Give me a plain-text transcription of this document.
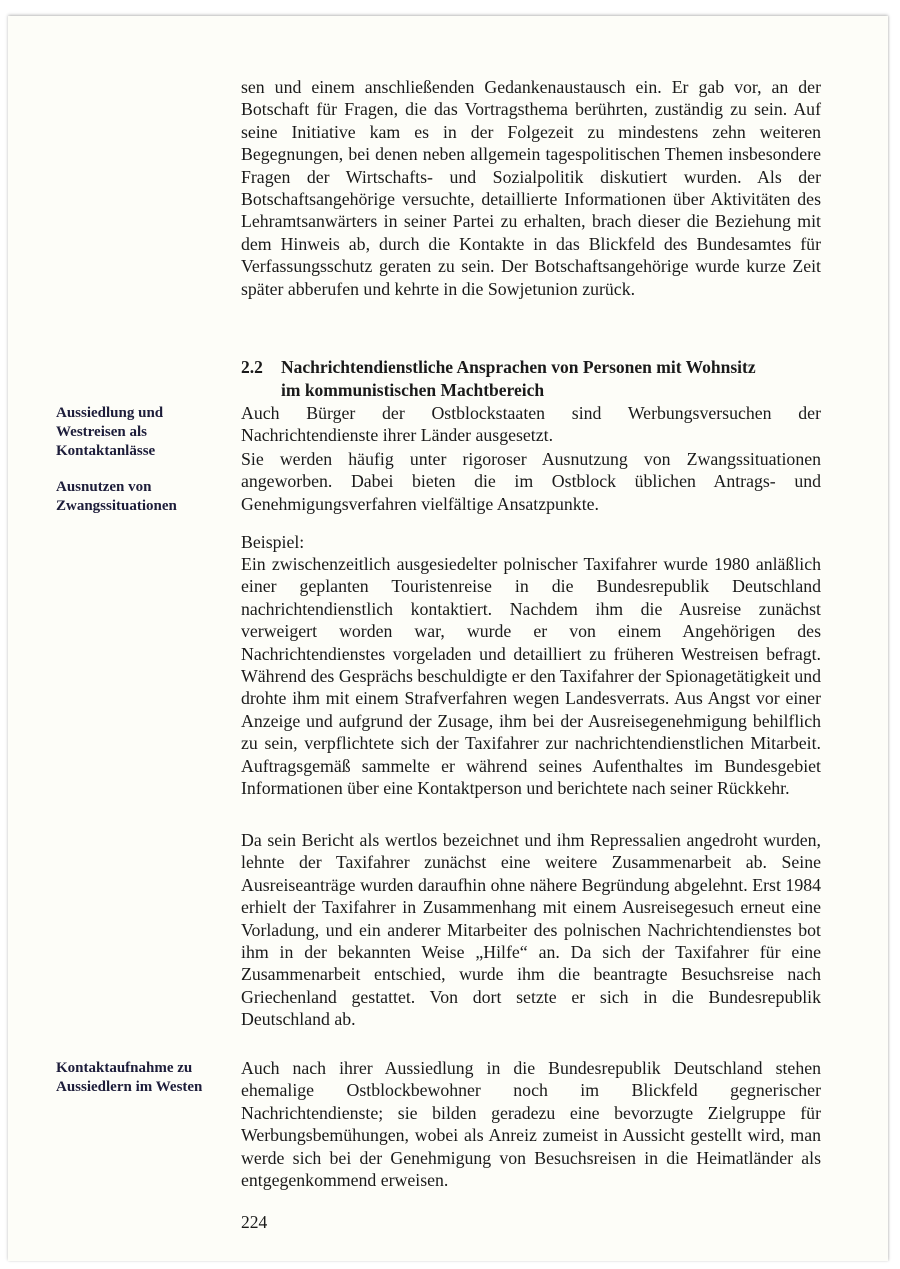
sen und einem anschließenden Gedankenaustausch ein. Er gab vor, an der Botschaft für Fragen, die das Vortragsthema berührten, zuständig zu sein. Auf seine Initiative kam es in der Folgezeit zu mindestens zehn weiteren Begegnungen, bei denen neben allgemein tagespolitischen Themen insbesondere Fragen der Wirtschafts- und Sozialpolitik diskutiert wurden. Als der Botschaftsangehörige versuchte, detaillierte Informationen über Aktivitäten des Lehramtsanwärters in seiner Partei zu erhalten, brach dieser die Beziehung mit dem Hinweis ab, durch die Kontakte in das Blickfeld des Bundesamtes für Verfassungsschutz geraten zu sein. Der Botschaftsangehörige wurde kurze Zeit später abberufen und kehrte in die Sowjetunion zurück.

2.2 Nachrichtendienstliche Ansprachen von Personen mit Wohnsitz
im kommunistischen Machtbereich

Aussiedlung und Westreisen als Kontaktanlässe

Ausnutzen von Zwangssituationen

Kontaktaufnahme zu Aussiedlern im Westen

Auch Bürger der Ostblockstaaten sind Werbungsversuchen der Nachrichtendienste ihrer Länder ausgesetzt.

Sie werden häufig unter rigoroser Ausnutzung von Zwangssituationen angeworben. Dabei bieten die im Ostblock üblichen Antrags- und Genehmigungsverfahren vielfältige Ansatzpunkte.

Beispiel:

Ein zwischenzeitlich ausgesiedelter polnischer Taxifahrer wurde 1980 anläßlich einer geplanten Touristenreise in die Bundesrepublik Deutschland nachrichtendienstlich kontaktiert. Nachdem ihm die Ausreise zunächst verweigert worden war, wurde er von einem Angehörigen des Nachrichtendienstes vorgeladen und detailliert zu früheren Westreisen befragt. Während des Gesprächs beschuldigte er den Taxifahrer der Spionagetätigkeit und drohte ihm mit einem Strafverfahren wegen Landesverrats. Aus Angst vor einer Anzeige und aufgrund der Zusage, ihm bei der Ausreisegenehmigung behilflich zu sein, verpflichtete sich der Taxifahrer zur nachrichtendienstlichen Mitarbeit. Auftragsgemäß sammelte er während seines Aufenthaltes im Bundesgebiet Informationen über eine Kontaktperson und berichtete nach seiner Rückkehr.

Da sein Bericht als wertlos bezeichnet und ihm Repressalien angedroht wurden, lehnte der Taxifahrer zunächst eine weitere Zusammenarbeit ab. Seine Ausreiseanträge wurden daraufhin ohne nähere Begründung abgelehnt. Erst 1984 erhielt der Taxifahrer in Zusammenhang mit einem Ausreisegesuch erneut eine Vorladung, und ein anderer Mitarbeiter des polnischen Nachrichtendienstes bot ihm in der bekannten Weise „Hilfe“ an. Da sich der Taxifahrer für eine Zusammenarbeit entschied, wurde ihm die beantragte Besuchsreise nach Griechenland gestattet. Von dort setzte er sich in die Bundesrepublik Deutschland ab.

Auch nach ihrer Aussiedlung in die Bundesrepublik Deutschland stehen ehemalige Ostblockbewohner noch im Blickfeld gegnerischer Nachrichtendienste; sie bilden geradezu eine bevorzugte Zielgruppe für Werbungsbemühungen, wobei als Anreiz zumeist in Aussicht gestellt wird, man werde sich bei der Genehmigung von Besuchsreisen in die Heimatländer als entgegenkommend erweisen.

224
